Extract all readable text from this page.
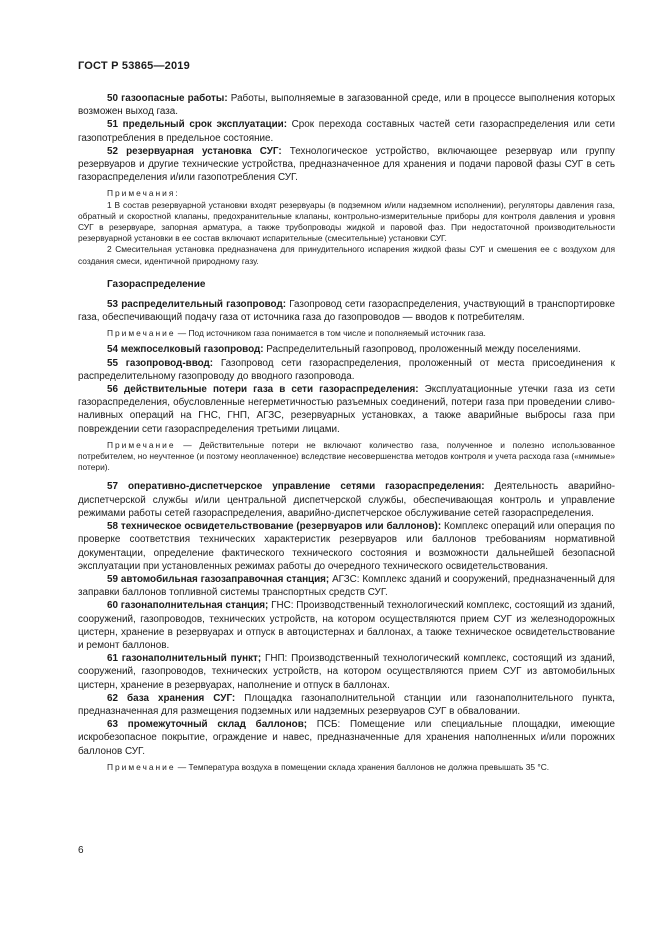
ГОСТ Р 53865—2019

50 газоопасные работы: Работы, выполняемые в загазованной среде, или в процессе выполнения которых возможен выход газа.

51 предельный срок эксплуатации: Срок перехода составных частей сети газораспределения или сети газопотребления в предельное состояние.

52 резервуарная установка СУГ: Технологическое устройство, включающее резервуар или группу резервуаров и другие технические устройства, предназначенное для хранения и подачи паровой фазы СУГ в сеть газораспределения и/или газопотребления СУГ.

Примечания:

1 В состав резервуарной установки входят резервуары (в подземном и/или надземном исполнении), регуляторы давления газа, обратный и скоростной клапаны, предохранительные клапаны, контрольно-измерительные приборы для контроля давления и уровня СУГ в резервуаре, запорная арматура, а также трубопроводы жидкой и паровой фаз. При недостаточной производительности резервуарной установки в ее состав включают испарительные (смесительные) установки СУГ.

2 Смесительная установка предназначена для принудительного испарения жидкой фазы СУГ и смешения ее с воздухом для создания смеси, идентичной природному газу.

Газораспределение

53 распределительный газопровод: Газопровод сети газораспределения, участвующий в транспортировке газа, обеспечивающий подачу газа от источника газа до газопроводов — вводов к потребителям.

Примечание — Под источником газа понимается в том числе и пополняемый источник газа.

54 межпоселковый газопровод: Распределительный газопровод, проложенный между поселениями.

55 газопровод-ввод: Газопровод сети газораспределения, проложенный от места присоединения к распределительному газопроводу до вводного газопровода.

56 действительные потери газа в сети газораспределения: Эксплуатационные утечки газа из сети газораспределения, обусловленные негерметичностью разъемных соединений, потери газа при проведении сливо-наливных операций на ГНС, ГНП, АГЗС, резервуарных установках, а также аварийные выбросы газа при повреждении сети газораспределения третьими лицами.

Примечание — Действительные потери не включают количество газа, полученное и полезно использованное потребителем, но неучтенное (и поэтому неоплаченное) вследствие несовершенства методов контроля и учета расхода газа («мнимые» потери).

57 оперативно-диспетчерское управление сетями газораспределения: Деятельность аварийно-диспетчерской службы и/или центральной диспетчерской службы, обеспечивающая контроль и управление режимами работы сетей газораспределения, аварийно-диспетчерское обслуживание сетей газораспределения.

58 техническое освидетельствование (резервуаров или баллонов): Комплекс операций или операция по проверке соответствия технических характеристик резервуаров или баллонов требованиям нормативной документации, определение фактического технического состояния и возможности дальнейшей безопасной эксплуатации при установленных режимах работы до очередного технического освидетельствования.

59 автомобильная газозаправочная станция; АГЗС: Комплекс зданий и сооружений, предназначенный для заправки баллонов топливной системы транспортных средств СУГ.

60 газонаполнительная станция; ГНС: Производственный технологический комплекс, состоящий из зданий, сооружений, газопроводов, технических устройств, на котором осуществляются прием СУГ из железнодорожных цистерн, хранение в резервуарах и отпуск в автоцистернах и баллонах, а также техническое освидетельствование и ремонт баллонов.

61 газонаполнительный пункт; ГНП: Производственный технологический комплекс, состоящий из зданий, сооружений, газопроводов, технических устройств, на котором осуществляются прием СУГ из автомобильных цистерн, хранение в резервуарах, наполнение и отпуск в баллонах.

62 база хранения СУГ: Площадка газонаполнительной станции или газонаполнительного пункта, предназначенная для размещения подземных или надземных резервуаров СУГ в обваловании.

63 промежуточный склад баллонов; ПСБ: Помещение или специальные площадки, имеющие искробезопасное покрытие, ограждение и навес, предназначенные для хранения наполненных и/или порожних баллонов СУГ.

Примечание — Температура воздуха в помещении склада хранения баллонов не должна превышать 35 °С.

6
